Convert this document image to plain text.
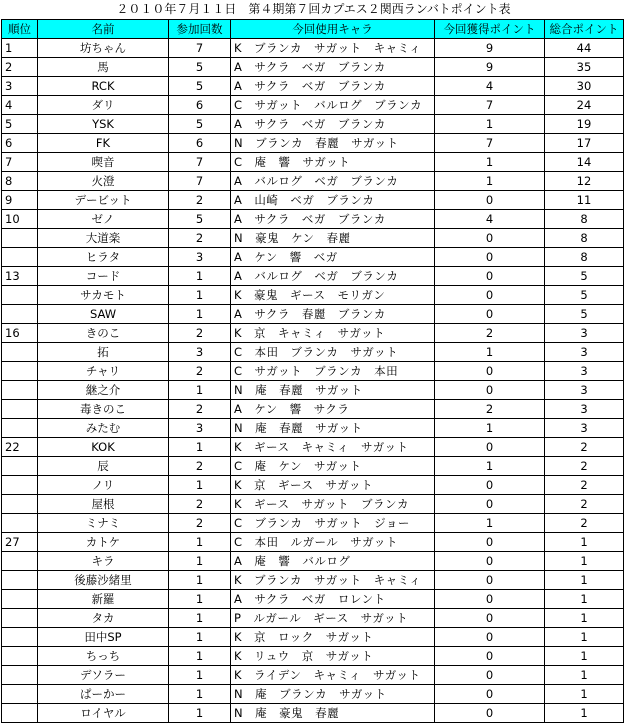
２０１０年７月１１日　第４期第７回カプエス２関西ランバトポイント表
順位	名前	参加回数	今回使用キャラ	今回獲得ポイント	総合ポイント
1	坊ちゃん	7	K　ブランカ　サガット　キャミィ	9	44
2	馬	5	A　サクラ　ベガ　ブランカ	9	35
3	RCK	5	A　サクラ　ベガ　ブランカ	4	30
4	ダリ	6	C　サガット　バルログ　ブランカ	7	24
5	YSK	5	A　サクラ　ベガ　ブランカ	1	19
6	FK	6	N　ブランカ　春麗　サガット	7	17
7	喫音	7	C　庵　響　サガット	1	14
8	火澄	7	A　バルログ　ベガ　ブランカ	1	12
9	デービット	2	A　山崎　ベガ　ブランカ	0	11
10	ゼノ	5	A　サクラ　ベガ　ブランカ	4	8
	大道楽	2	N　豪鬼　ケン　春麗	0	8
	ヒラタ	3	A　ケン　響　ベガ	0	8
13	コード	1	A　バルログ　ベガ　ブランカ	0	5
	サカモト	1	K　豪鬼　ギース　モリガン	0	5
	SAW	1	A　サクラ　春麗　ブランカ	0	5
16	きのこ	2	K　京　キャミィ　サガット	2	3
	拓	3	C　本田　ブランカ　サガット	1	3
	チャリ	2	C　サガット　ブランカ　本田	0	3
	継之介	1	N　庵　春麗　サガット	0	3
	毒きのこ	2	A　ケン　響　サクラ	2	3
	みたむ	3	N　庵　春麗　サガット	1	3
22	KOK	1	K　ギース　キャミィ　サガット	0	2
	辰	2	C　庵　ケン　サガット	1	2
	ノリ	1	K　京　ギース　サガット	0	2
	屋根	2	K　ギース　サガット　ブランカ	0	2
	ミナミ	2	C　ブランカ　サガット　ジョー	1	2
27	カトケ	1	C　本田　ルガール　サガット	0	1
	キラ	1	A　庵　響　バルログ	0	1
	後藤沙緒里	1	K　ブランカ　サガット　キャミィ	0	1
	新羅	1	A　サクラ　ベガ　ロレント	0	1
	タカ	1	P　ルガール　ギース　サガット	0	1
	田中SP	1	K　京　ロック　サガット	0	1
	ちっち	1	K　リュウ　京　サガット	0	1
	デソラー	1	K　ライデン　キャミィ　サガット	0	1
	ぱーかー	1	N　庵　ブランカ　サガット	0	1
	ロイヤル	1	N　庵　豪鬼　春麗	0	1
